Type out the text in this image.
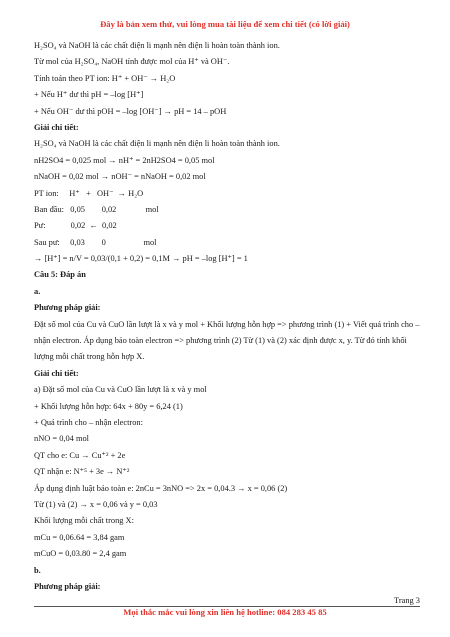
Đây là bản xem thử, vui lòng mua tài liệu để xem chi tiết (có lời giải)
H₂SO₄ và NaOH là các chất điện li mạnh nên điện li hoàn toàn thành ion.
Từ mol của H₂SO₄, NaOH tính được mol của H⁺ và OH⁻.
Tính toán theo PT ion: H⁺ + OH⁻ → H₂O
+ Nếu H⁺ dư thì pH = –log [H⁺]
+ Nếu OH⁻ dư thì pOH = –log [OH⁻] → pH = 14 – pOH
Giải chi tiết:
H₂SO₄ và NaOH là các chất điện li mạnh nên điện li hoàn toàn thành ion.
nH2SO4 = 0,025 mol → nH⁺ = 2nH2SO4 = 0,05 mol
nNaOH = 0,02 mol → nOH⁻ = nNaOH = 0,02 mol
PT ion:     H⁺   +   OH⁻  → H₂O
Ban đầu:   0,05        0,02              mol
Pư:            0,02  ←  0,02
Sau pư:     0,03        0                  mol
→ [H⁺] = n/V = 0,03/(0,1 + 0,2) = 0,1M → pH = –log [H⁺] = 1
Câu 5: Đáp án
a.
Phương pháp giải:
Đặt số mol của Cu và CuO lần lượt là x và y mol + Khối lượng hỗn hợp => phương trình (1) + Viết quá trình cho – nhận electron. Áp dụng bảo toàn electron => phương trình (2) Từ (1) và (2) xác định được x, y. Từ đó tính khối lượng mỗi chất trong hỗn hợp X.
Giải chi tiết:
a) Đặt số mol của Cu và CuO lần lượt là x và y mol
+ Khối lượng hỗn hợp: 64x + 80y = 6,24 (1)
+ Quá trình cho – nhận electron:
nNO = 0,04 mol
QT cho e: Cu → Cu⁺² + 2e
QT nhận e: N⁺⁵ + 3e → N⁺²
Áp dụng định luật bảo toàn e: 2nCu = 3nNO => 2x = 0,04.3 → x = 0,06 (2)
Từ (1) và (2) → x = 0,06 và y = 0,03
Khối lượng mỗi chất trong X:
mCu = 0,06.64 = 3,84 gam
mCuO = 0,03.80 = 2,4 gam
b.
Phương pháp giải:
Trang 3
Mọi thắc mắc vui lòng xin liên hệ hotline: 084 283 45 85
